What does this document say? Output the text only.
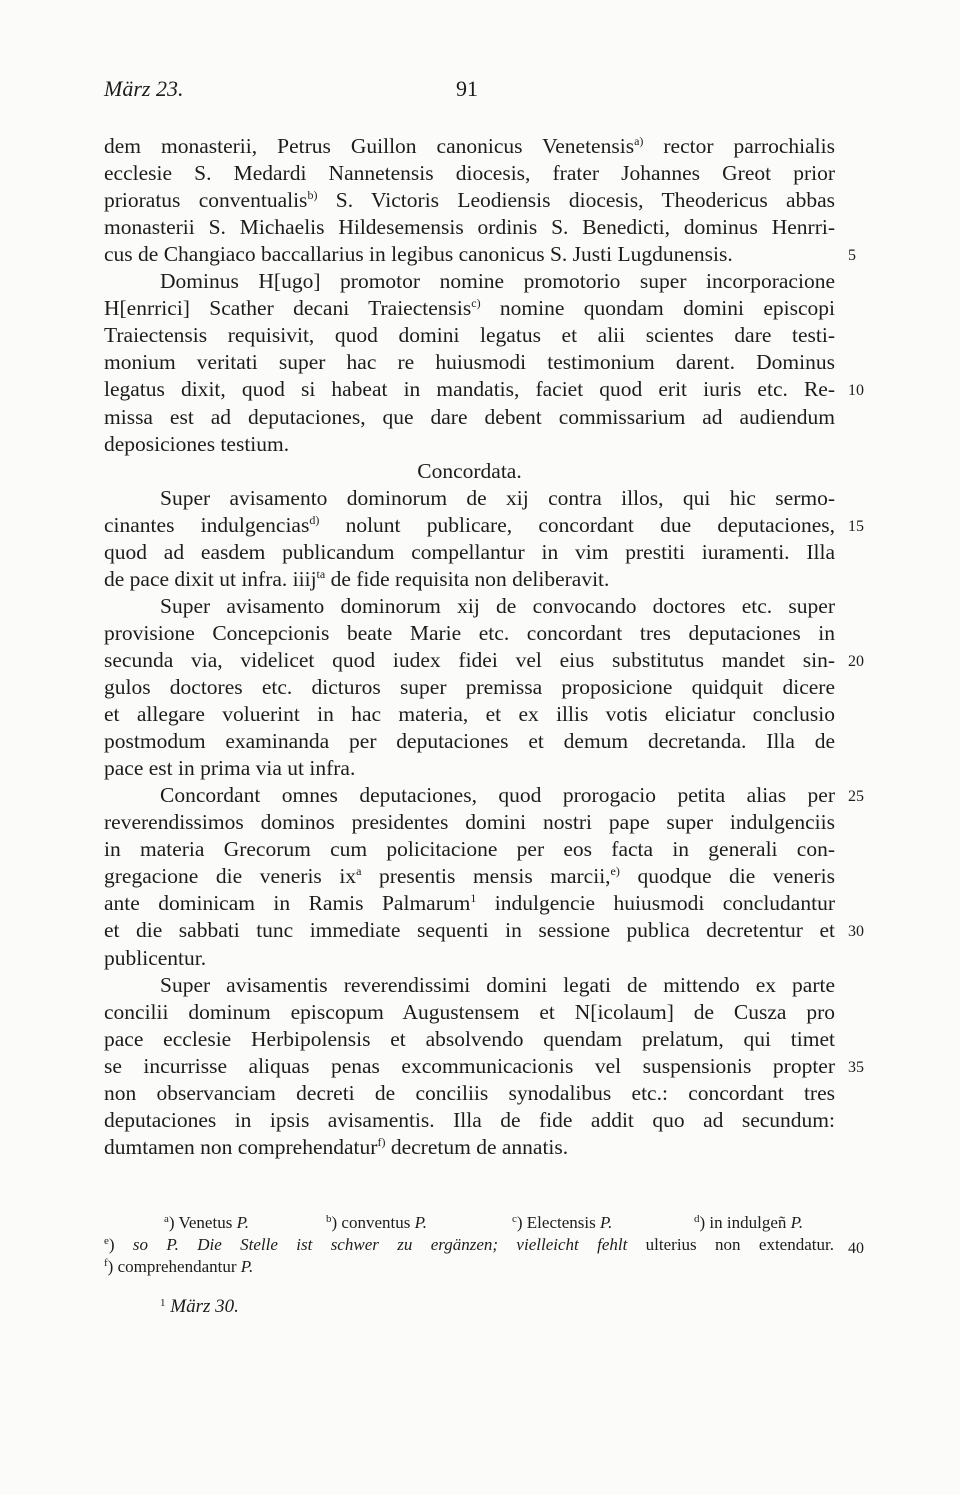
März 23.	91
dem monasterii, Petrus Guillon canonicus Venetensis$^{a)}$ rector parrochialis
ecclesie S. Medardi Nannetensis diocesis, frater Johannes Greot prior
prioratus conventualis$^{b)}$ S. Victoris Leodiensis diocesis, Theodericus abbas
monasterii S. Michaelis Hildesemensis ordinis S. Benedicti, dominus Henrri-
cus de Changiaco baccallarius in legibus canonicus S. Justi Lugdunensis.
Dominus H[ugo] promotor nomine promotorio super incorporacione
H[enrrici] Scather decani Traiectensis$^{c)}$ nomine quondam domini episcopi
Traiectensis requisivit, quod domini legatus et alii scientes dare testi-
monium veritati super hac re huiusmodi testimonium darent. Dominus
legatus dixit, quod si habeat in mandatis, faciet quod erit iuris etc. Re-
missa est ad deputaciones, que dare debent commissarium ad audiendum
deposiciones testium.
Concordata.
Super avisamento dominorum de xij contra illos, qui hic sermo-
cinantes indulgencias$^{d)}$ nolunt publicare, concordant due deputaciones,
quod ad easdem publicandum compellantur in vim prestiti iuramenti. Illa
de pace dixit ut infra. iiij$^{ta}$ de fide requisita non deliberavit.
Super avisamento dominorum xij de convocando doctores etc. super
provisione Concepcionis beate Marie etc. concordant tres deputaciones in
secunda via, videlicet quod iudex fidei vel eius substitutus mandet sin-
gulos doctores etc. dicturos super premissa proposicione quidquit dicere
et allegare voluerint in hac materia, et ex illis votis eliciatur conclusio
postmodum examinanda per deputaciones et demum decretanda. Illa de
pace est in prima via ut infra.
Concordant omnes deputaciones, quod prorogacio petita alias per
reverendissimos dominos presidentes domini nostri pape super indulgenciis
in materia Grecorum cum policitacione per eos facta in generali con-
gregacione die veneris $ix^a$ presentis mensis marcii,$^{e)}$ quodque die veneris
ante dominicam in Ramis Palmarum$^1$ indulgencie huiusmodi concludantur
et die sabbati tunc immediate sequenti in sessione publica decretentur et
publicentur.
Super avisamentis reverendissimi domini legati de mittendo ex parte
concilii dominum episcopum Augustensem et N[icolaum] de Cusza pro
pace ecclesie Herbipolensis et absolvendo quendam prelatum, qui timet
se incurrisse aliquas penas excommunicacionis vel suspensionis propter
non observanciam decreti de conciliis synodalibus etc.: concordant tres
deputaciones in ipsis avisamentis. Illa de fide addit quo ad secundum:
dumtamen non comprehendatur$^{f)}$ decretum de annatis.
5
10
15
20
25
30
35
40
$^a$) Venetus P.	$^b$) conventus P.	$^c$) Electensis P.	$^d$) in indulgeñ P.
$^e$) so P. Die Stelle ist schwer zu ergänzen; vielleicht fehlt ulterius non extendatur.
$^f$) comprehendantur P.
$^1$ März 30.
